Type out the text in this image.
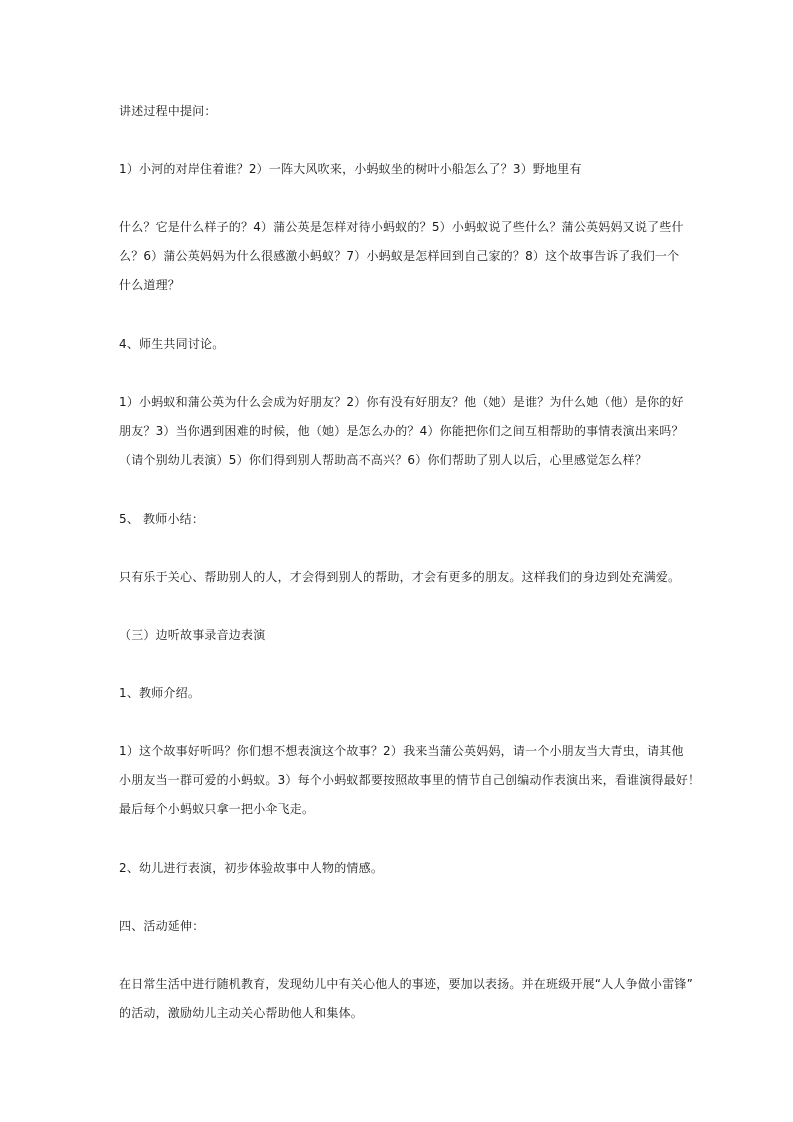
讲述过程中提问：
1）小河的对岸住着谁？2）一阵大风吹来，小蚂蚁坐的树叶小船怎么了？3）野地里有
什么？它是什么样子的？4）蒲公英是怎样对待小蚂蚁的？5）小蚂蚁说了些什么？蒲公英妈妈又说了些什
么？6）蒲公英妈妈为什么很感激小蚂蚁？7）小蚂蚁是怎样回到自己家的？8）这个故事告诉了我们一个
什么道理？
4、师生共同讨论。
1）小蚂蚁和蒲公英为什么会成为好朋友？2）你有没有好朋友？他（她）是谁？为什么她（他）是你的好
朋友？3）当你遇到困难的时候，他（她）是怎么办的？4）你能把你们之间互相帮助的事情表演出来吗？
（请个别幼儿表演）5）你们得到别人帮助高不高兴？6）你们帮助了别人以后，心里感觉怎么样？
5、 教师小结：
只有乐于关心、帮助别人的人，才会得到别人的帮助，才会有更多的朋友。这样我们的身边到处充满爱。
（三）边听故事录音边表演
1、教师介绍。
1）这个故事好听吗？你们想不想表演这个故事？2）我来当蒲公英妈妈，请一个小朋友当大青虫，请其他
小朋友当一群可爱的小蚂蚁。3）每个小蚂蚁都要按照故事里的情节自己创编动作表演出来，看谁演得最好！
最后每个小蚂蚁只拿一把小伞飞走。
2、幼儿进行表演，初步体验故事中人物的情感。
四、活动延伸：
在日常生活中进行随机教育，发现幼儿中有关心他人的事迹，要加以表扬。并在班级开展“人人争做小雷锋”
的活动，激励幼儿主动关心帮助他人和集体。
